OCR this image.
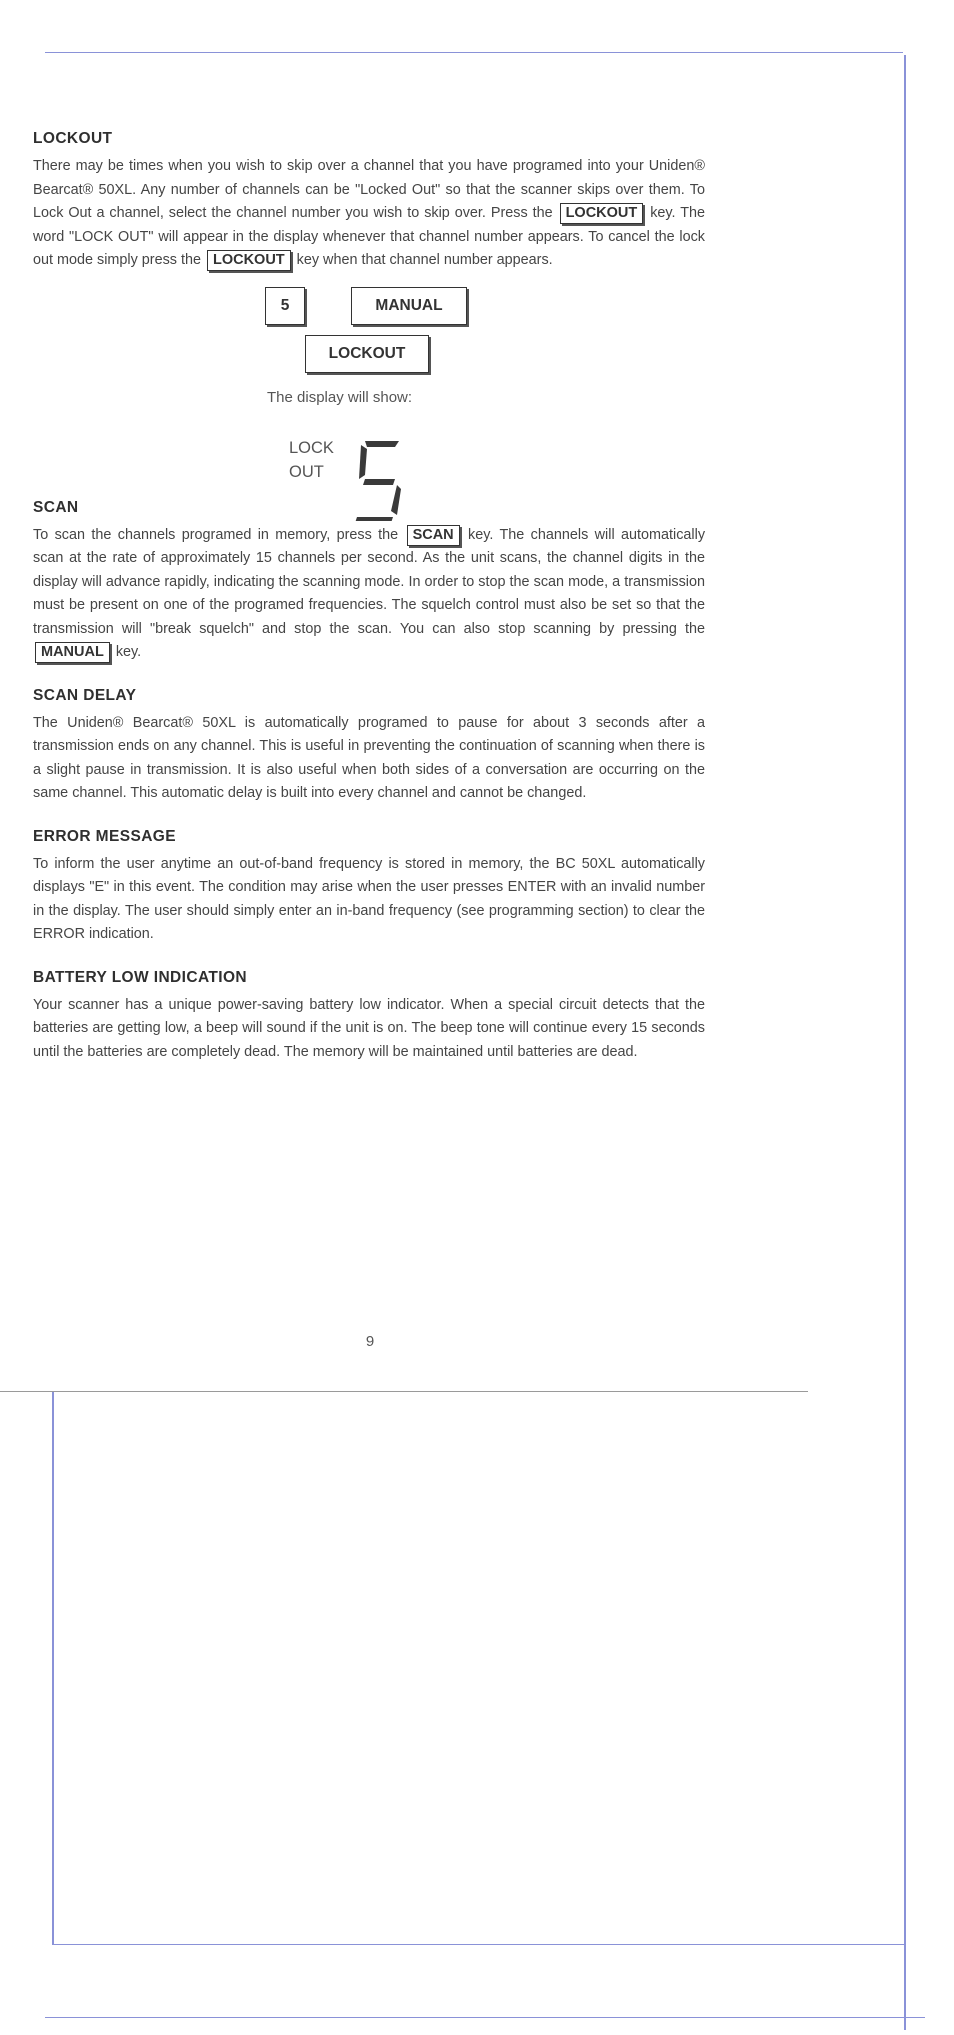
LOCKOUT

There may be times when you wish to skip over a channel that you have programed into your Uniden® Bearcat® 50XL. Any number of channels can be "Locked Out" so that the scanner skips over them. To Lock Out a channel, select the channel number you wish to skip over. Press the LOCKOUT key. The word "LOCK OUT" will appear in the display whenever that channel number appears. To cancel the lock out mode simply press the LOCKOUT key when that channel number appears.

5	MANUAL
LOCKOUT
The display will show:
LOCK
OUT
SCAN

To scan the channels programed in memory, press the SCAN key. The channels will automatically scan at the rate of approximately 15 channels per second. As the unit scans, the channel digits in the display will advance rapidly, indicating the scanning mode. In order to stop the scan mode, a transmission must be present on one of the programed frequencies. The squelch control must also be set so that the transmission will "break squelch" and stop the scan. You can also stop scanning by pressing the MANUAL key.

SCAN DELAY

The Uniden® Bearcat® 50XL is automatically programed to pause for about 3 seconds after a transmission ends on any channel. This is useful in preventing the continuation of scanning when there is a slight pause in transmission. It is also useful when both sides of a conversation are occurring on the same channel. This automatic delay is built into every channel and cannot be changed.

ERROR MESSAGE

To inform the user anytime an out-of-band frequency is stored in memory, the BC 50XL automatically displays "E" in this event. The condition may arise when the user presses ENTER with an invalid number in the display. The user should simply enter an in-band frequency (see programming section) to clear the ERROR indication.

BATTERY LOW INDICATION

Your scanner has a unique power-saving battery low indicator. When a special circuit detects that the batteries are getting low, a beep will sound if the unit is on. The beep tone will continue every 15 seconds until the batteries are completely dead. The memory will be maintained until batteries are dead.

9
